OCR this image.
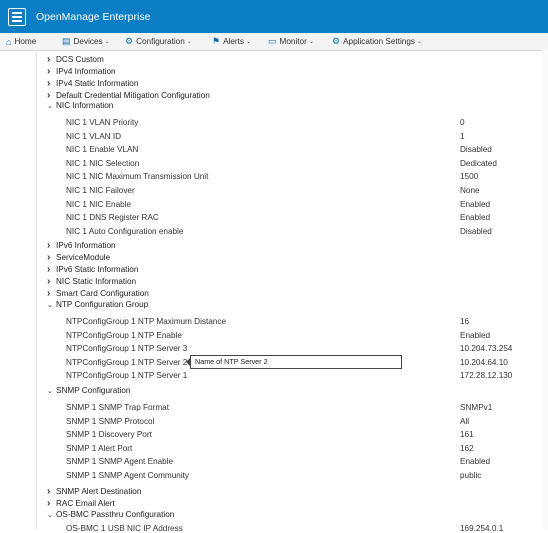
OpenManage Enterprise
⌂ Home	▤ Devices ⌄ ⚙ Configuration ⌄ ⚑ Alerts ⌄ ▭ Monitor ⌄ ⚙ Application Settings ⌄
› DCS Custom
› IPv4 Information
› IPv4 Static Information
› Default Credential Mitigation Configuration
⌄ NIC Information
› IPv6 Information
› ServiceModule
› IPv6 Static Information
› NIC Static Information
› Smart Card Configuration
⌄ NTP Configuration Group
⌄ SNMP Configuration
› SNMP Alert Destination
› RAC Email Alert
⌄ OS-BMC Passthru Configuration
NIC 1 VLAN Priority	0
NIC 1 VLAN ID	1
NIC 1 Enable VLAN	Disabled
NIC 1 NIC Selection	Dedicated
NIC 1 NIC Maximum Transmission Unit	1500
NIC 1 NIC Failover	None
NIC 1 NIC Enable	Enabled
NIC 1 DNS Register RAC	Enabled
NIC 1 Auto Configuration enable	Disabled
NTPConfigGroup 1 NTP Maximum Distance	16
NTPConfigGroup 1 NTP Enable	Enabled
NTPConfigGroup 1 NTP Server 3	10.204.73.254
NTPConfigGroup 1 NTP Server 2	10.204.64.10
NTPConfigGroup 1 NTP Server 1	172.28.12.130
SNMP 1 SNMP Trap Format	SNMPv1
SNMP 1 SNMP Protocol	All
SNMP 1 Discovery Port	161
SNMP 1 Alert Port	162
SNMP 1 SNMP Agent Enable	Enabled
SNMP 1 SNMP Agent Community	public
OS-BMC 1 USB NIC IP Address	169.254.0.1
Name of NTP Server 2
